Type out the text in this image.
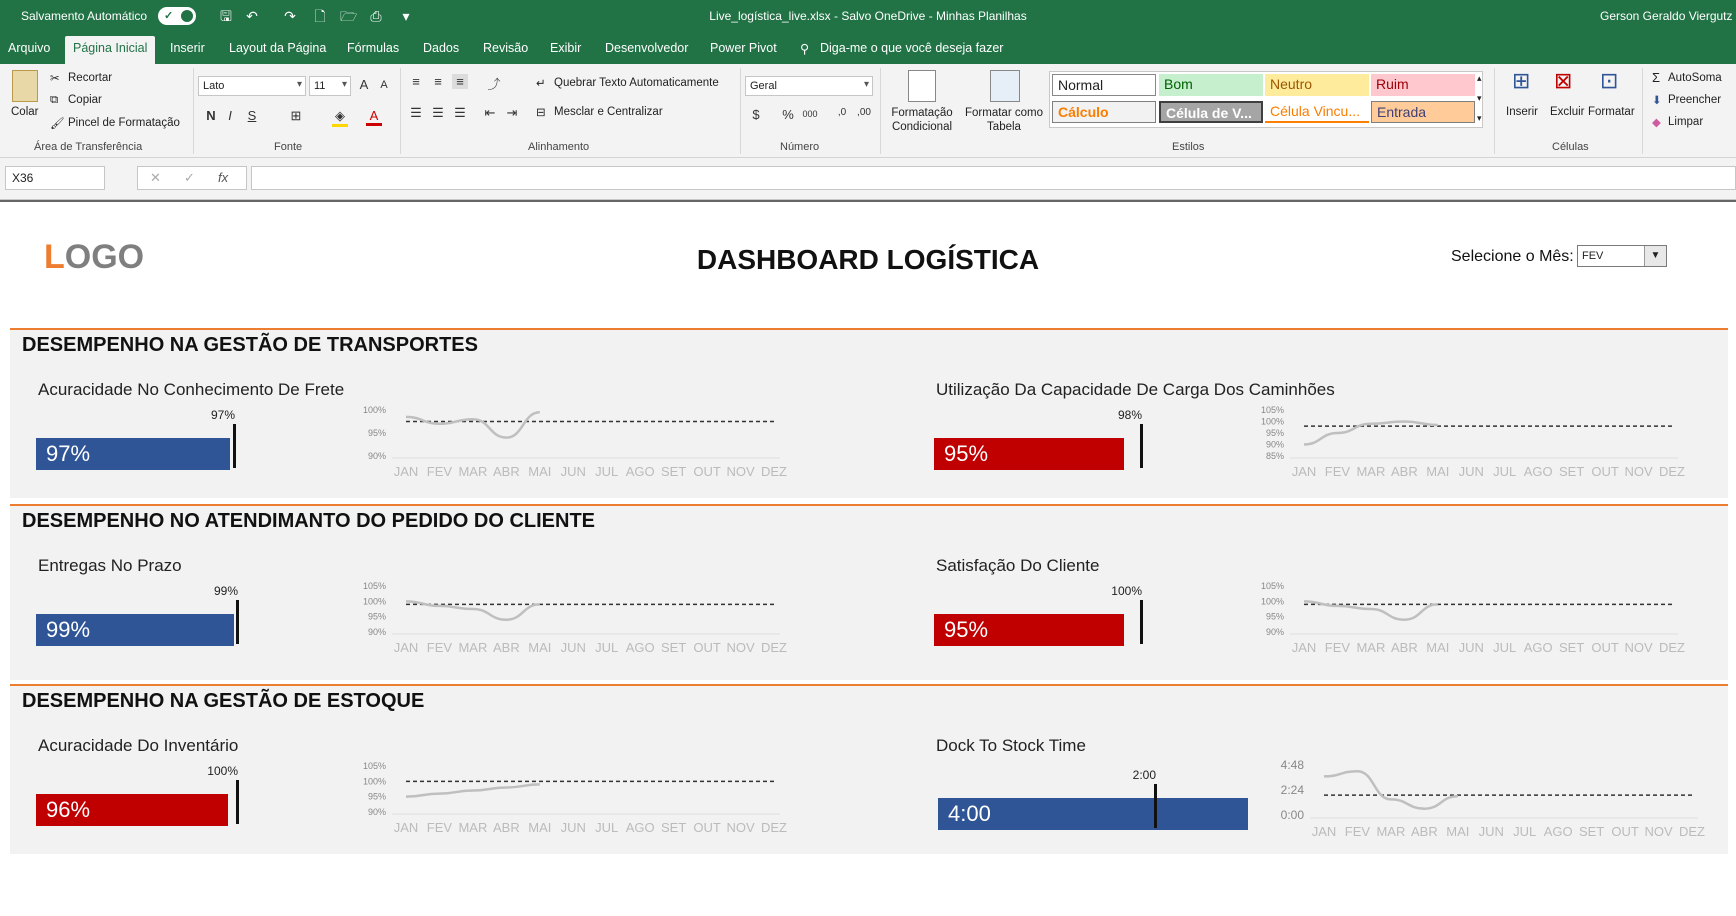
Salvamento Automático ✓	🖫 ↶ ↷ 🗋 🗁 ⎙	▾	Live_logística_live.xlsx - Salvo OneDrive - Minhas Planilhas	Gerson Geraldo Viergutz
Arquivo	Página Inicial	Inserir Layout da Página Fórmulas Dados Revisão Exibir Desenvolvedor Power Pivot ⚲ Diga-me o que você deseja fazer
Colar
✂ Recortar
⧉ Copiar
🖌 Pincel de Formatação
Área de Transferência
Lato ▾	11 ▾	A	A
N I	S	⊞	◈ A
Fonte
≡	≡	≡	⤴
☰ ☰ ☰ ⇤ ⇥
↵ Quebrar Texto Automaticamente
⊟ Mesclar e Centralizar
Alinhamento
Geral ▾
$	% 000	,0	,00
Número
Formatação Condicional
Formatar como Tabela
Normal	Bom	Neutro	Ruim
Cálculo	Célula de V...	Célula Vincu...	Entrada
▴
▾
▾
Estilos
⊞
Inserir
⊠
Excluir
⊡
Formatar
Células
Σ AutoSoma
⬇ Preencher
◆ Limpar
X36	✕ ✓ fx
LOGO	DASHBOARD LOGÍSTICA	Selecione o Mês: FEV	▼
DESEMPENHO NA GESTÃO DE TRANSPORTES
Acuracidade No Conhecimento De Frete
97%
97%	100%
95%
90%
JAN FEV MAR ABR MAI JUN JUL AGO SET OUT NOV DEZ
Utilização Da Capacidade De Carga Dos Caminhões
95%
98%	105%
100%
95%
90%
85%
JAN FEV MAR ABR MAI JUN JUL AGO SET OUT NOV DEZ
DESEMPENHO NO ATENDIMANTO DO PEDIDO DO CLIENTE
Entregas No Prazo
99%
99%	105%
100%
95%
90%
JAN FEV MAR ABR MAI JUN JUL AGO SET OUT NOV DEZ
Satisfação Do Cliente
95%
100%	105%
100%
95%
90%
JAN FEV MAR ABR MAI JUN JUL AGO SET OUT NOV DEZ
DESEMPENHO NA GESTÃO DE ESTOQUE
Acuracidade Do Inventário
96%
100%	105%
100%
95%
90%
JAN FEV MAR ABR MAI JUN JUL AGO SET OUT NOV DEZ
Dock To Stock Time
4:00
2:00
4:48
2:24
0:00
JAN FEV MAR ABR MAI JUN JUL AGO SET OUT NOV DEZ
